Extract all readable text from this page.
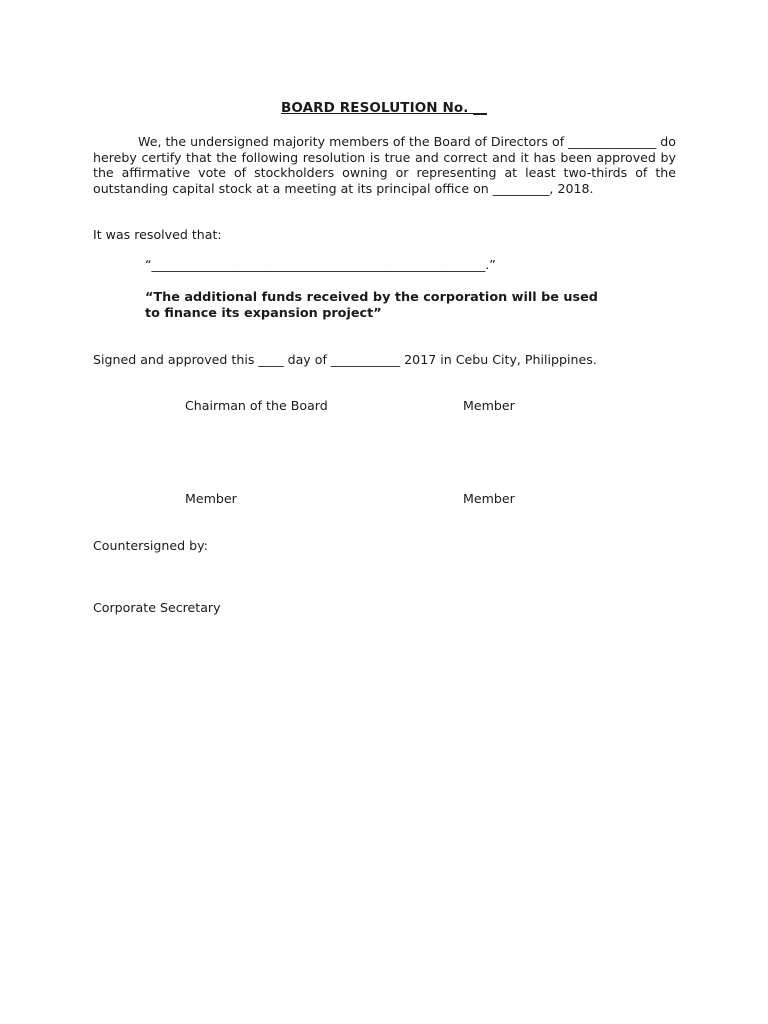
BOARD RESOLUTION No. __

We, the undersigned majority members of the Board of Directors of ______________ do hereby certify that the following resolution is true and correct and it has been approved by the affirmative vote of stockholders owning or representing at least two-thirds of the outstanding capital stock at a meeting at its principal office on _________, 2018.

It was resolved that:

“_____________________________________________________.”

“The additional funds received by the corporation will be used to finance its expansion project”

Signed and approved this ____ day of ___________ 2017 in Cebu City, Philippines.

Chairman of the Board	Member

Member	Member

Countersigned by:

Corporate Secretary
